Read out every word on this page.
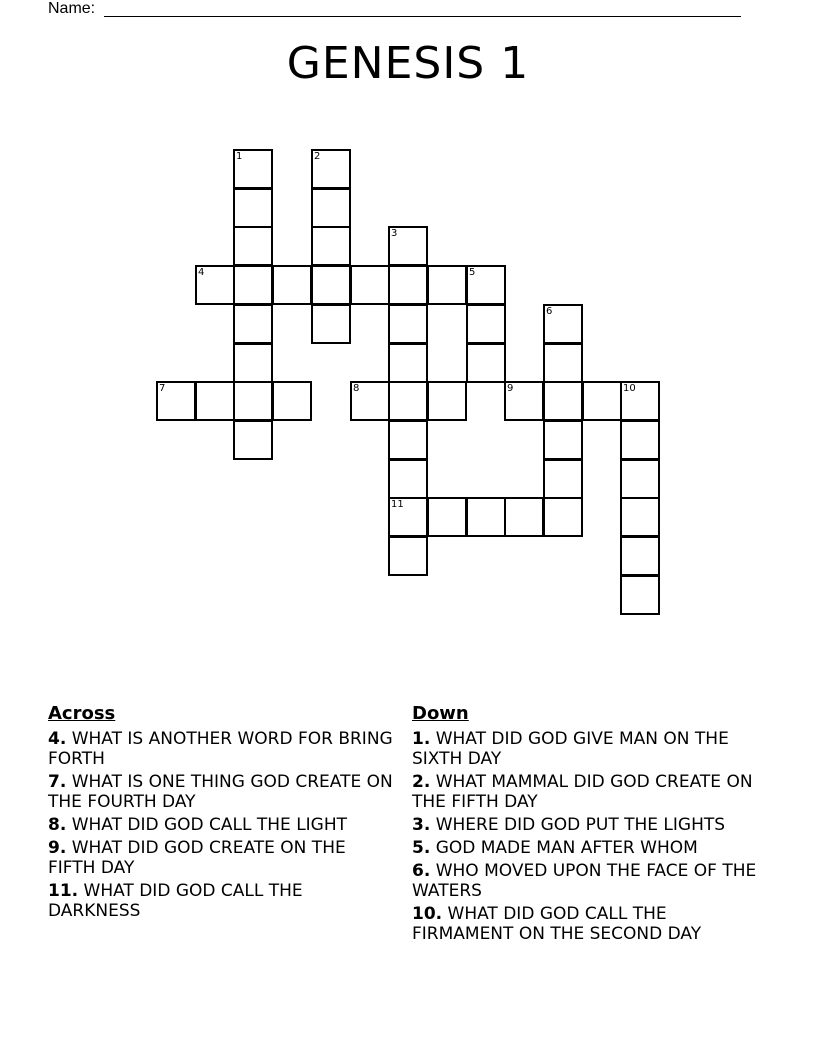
Name:
GENESIS 1
1	2
3
11
4	5
6
7	8	9	10
Across
4. WHAT IS ANOTHER WORD FOR BRING FORTH
7. WHAT IS ONE THING GOD CREATE ON THE FOURTH DAY
8. WHAT DID GOD CALL THE LIGHT
9. WHAT DID GOD CREATE ON THE FIFTH DAY
11. WHAT DID GOD CALL THE DARKNESS
Down
1. WHAT DID GOD GIVE MAN ON THE SIXTH DAY
2. WHAT MAMMAL DID GOD CREATE ON THE FIFTH DAY
3. WHERE DID GOD PUT THE LIGHTS
5. GOD MADE MAN AFTER WHOM
6. WHO MOVED UPON THE FACE OF THE WATERS
10. WHAT DID GOD CALL THE FIRMAMENT ON THE SECOND DAY
